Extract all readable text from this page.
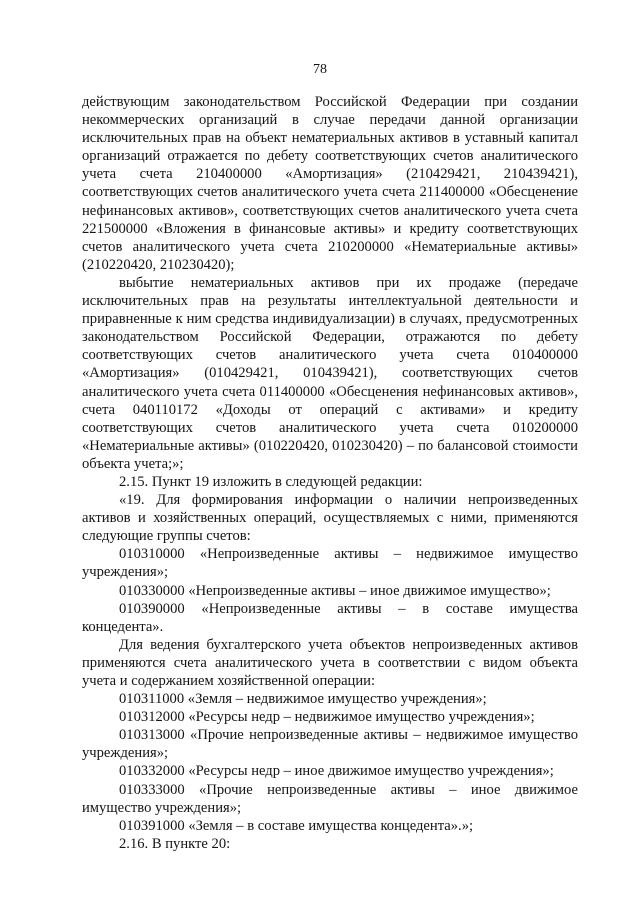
78

действующим законодательством Российской Федерации при создании некоммерческих организаций в случае передачи данной организации исключительных прав на объект нематериальных активов в уставный капитал организаций отражается по дебету соответствующих счетов аналитического учета счета 210400000 «Амортизация» (210429421, 210439421), соответствующих счетов аналитического учета счета 211400000 «Обесценение нефинансовых активов», соответствующих счетов аналитического учета счета 221500000 «Вложения в финансовые активы» и кредиту соответствующих счетов аналитического учета счета 210200000 «Нематериальные активы» (210220420, 210230420);

выбытие нематериальных активов при их продаже (передаче исключительных прав на результаты интеллектуальной деятельности и приравненные к ним средства индивидуализации) в случаях, предусмотренных законодательством Российской Федерации, отражаются по дебету соответствующих счетов аналитического учета счета 010400000 «Амортизация» (010429421, 010439421), соответствующих счетов аналитического учета счета 011400000 «Обесценения нефинансовых активов», счета 040110172 «Доходы от операций с активами» и кредиту соответствующих счетов аналитического учета счета 010200000 «Нематериальные активы» (010220420, 010230420) – по балансовой стоимости объекта учета;»;

2.15. Пункт 19 изложить в следующей редакции:

«19. Для формирования информации о наличии непроизведенных активов и хозяйственных операций, осуществляемых с ними, применяются следующие группы счетов:

010310000 «Непроизведенные активы – недвижимое имущество учреждения»;

010330000 «Непроизведенные активы – иное движимое имущество»;

010390000 «Непроизведенные активы – в составе имущества концедента».

Для ведения бухгалтерского учета объектов непроизведенных активов применяются счета аналитического учета в соответствии с видом объекта учета и содержанием хозяйственной операции:

010311000 «Земля – недвижимое имущество учреждения»;

010312000 «Ресурсы недр – недвижимое имущество учреждения»;

010313000 «Прочие непроизведенные активы – недвижимое имущество учреждения»;

010332000 «Ресурсы недр – иное движимое имущество учреждения»;

010333000 «Прочие непроизведенные активы – иное движимое имущество учреждения»;

010391000 «Земля – в составе имущества концедента».»;

2.16. В пункте 20:
